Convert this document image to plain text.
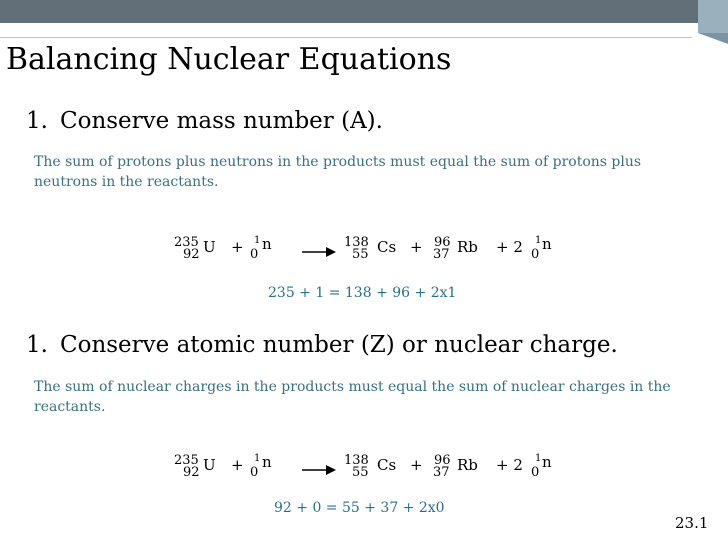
Balancing Nuclear Equations
1. Conserve mass number (A).
The sum of protons plus neutrons in the products must equal the sum of protons plus neutrons in the reactants.
235
92 U + 1
0
n	138
55 Cs + 96
37 Rb + 2 1
0
n
235 + 1 = 138 + 96 + 2x1
1. Conserve atomic number (Z) or nuclear charge.
The sum of nuclear charges in the products must equal the sum of nuclear charges in the reactants.
235
92 U + 1
0
n	138
55 Cs + 96
37 Rb + 2 1
0
n
92 + 0 = 55 + 37 + 2x0
23.1
